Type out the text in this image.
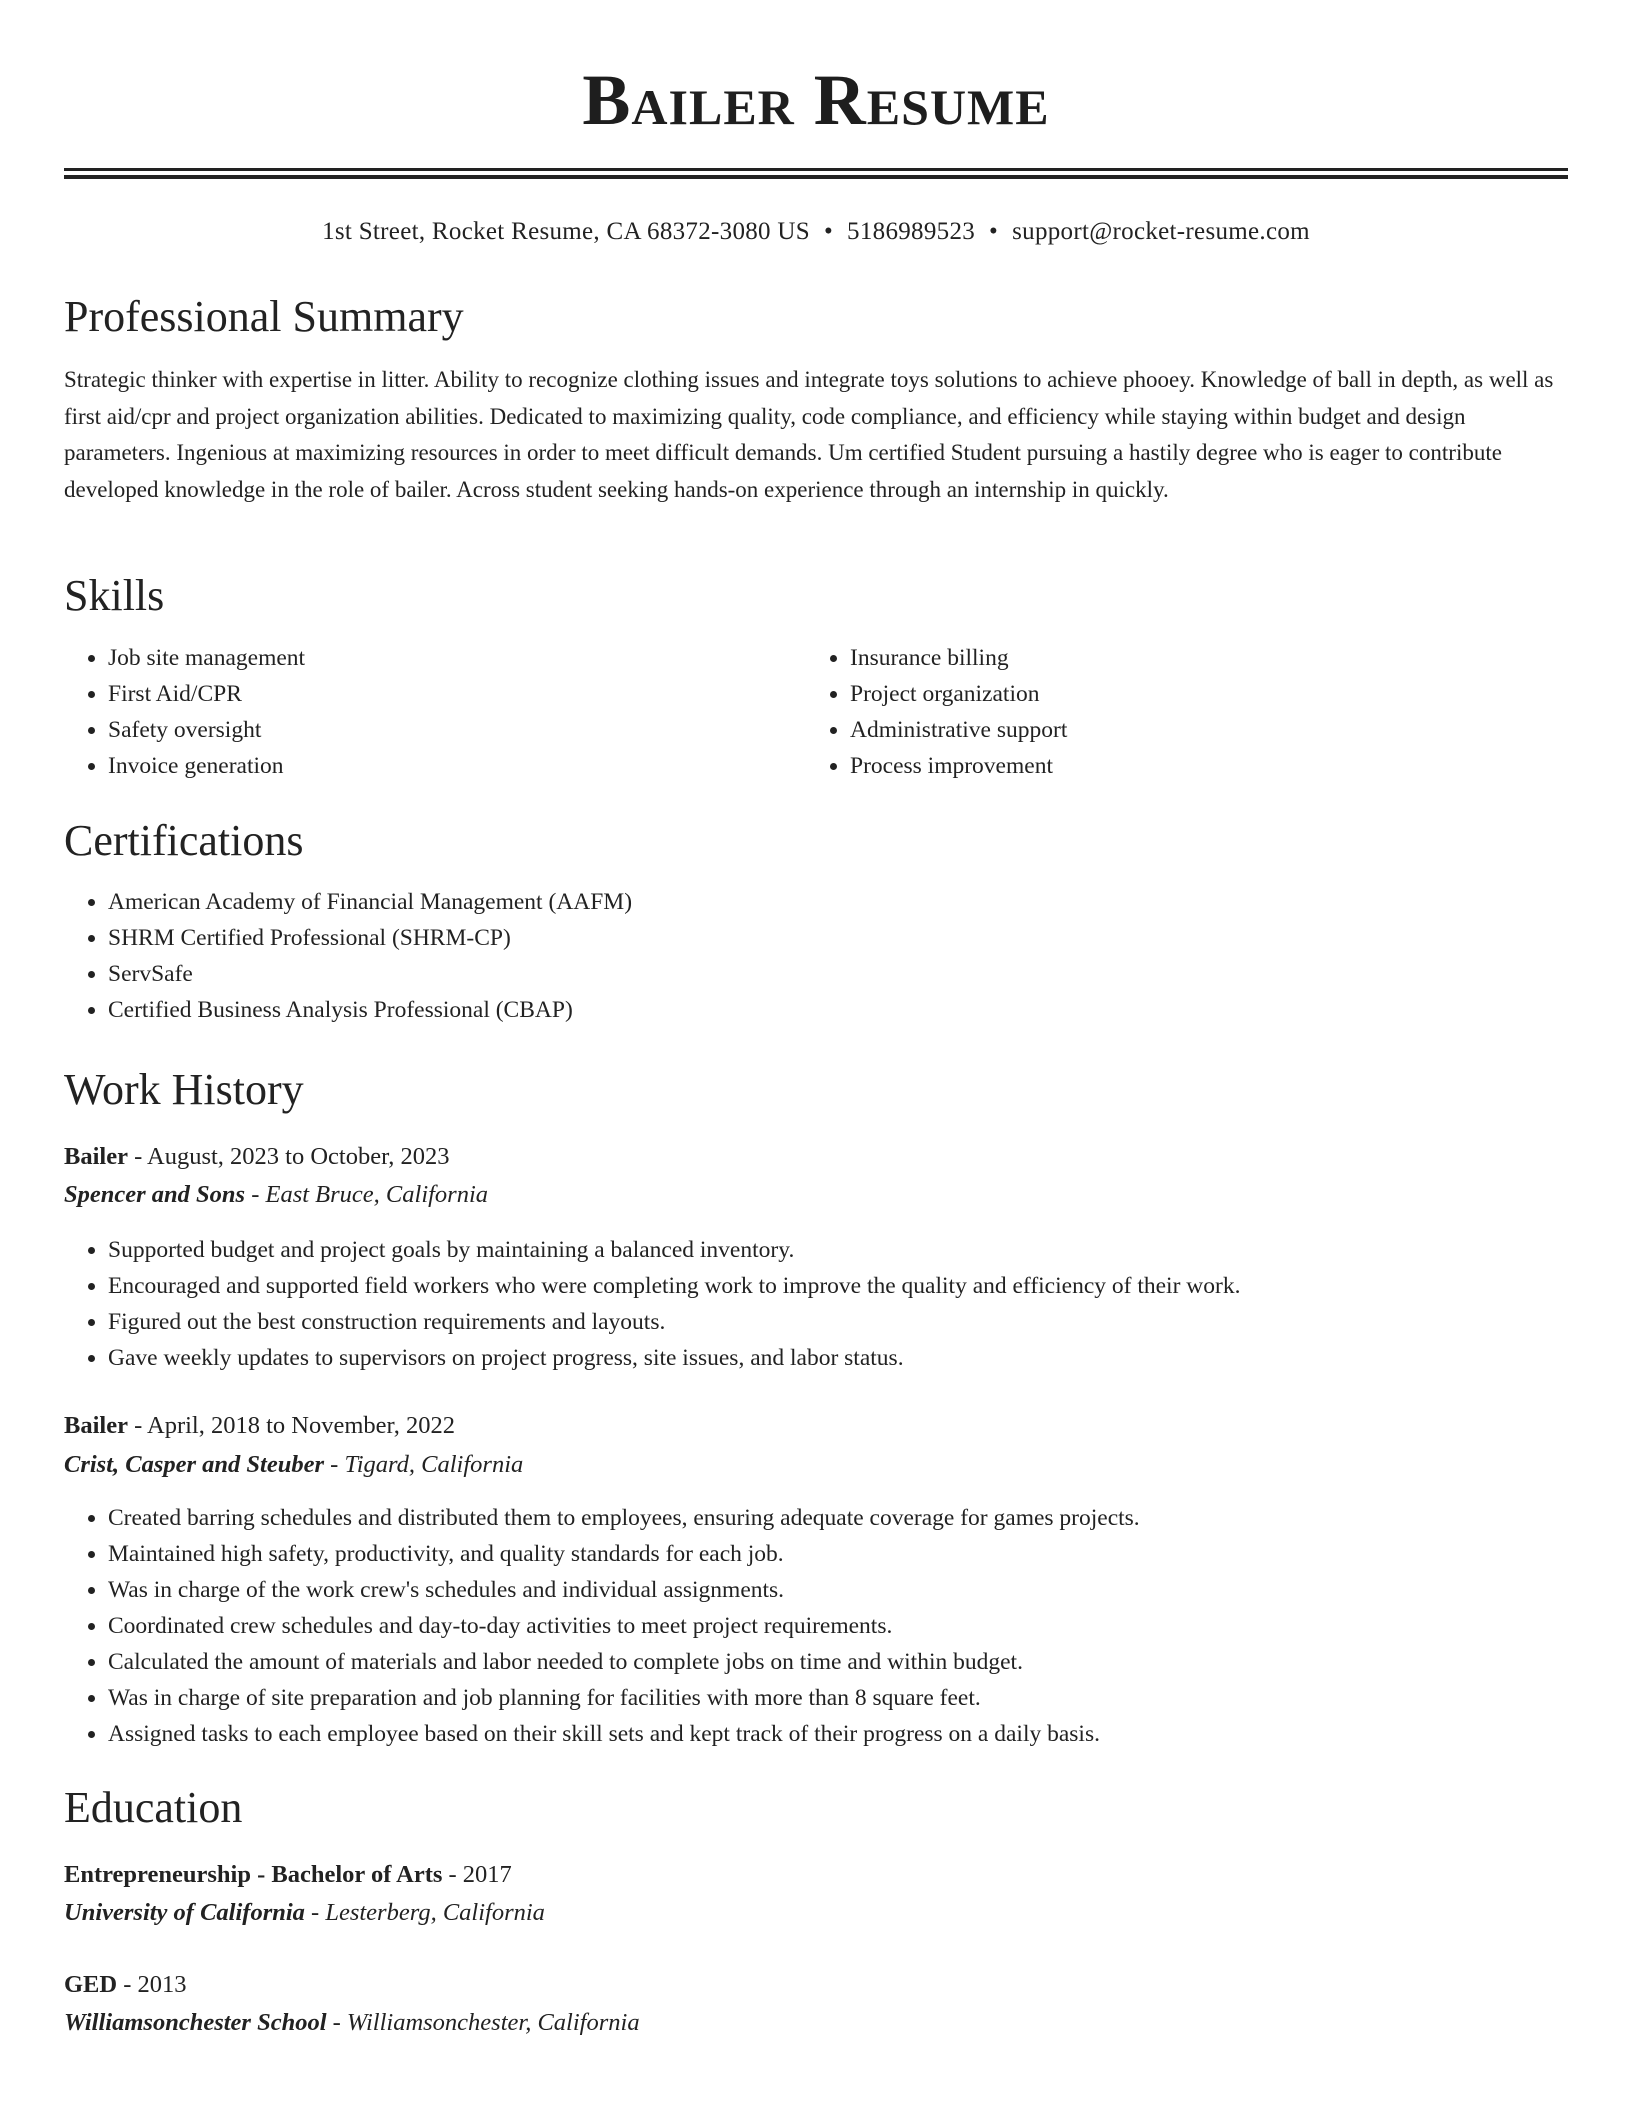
Bailer Resume
1st Street, Rocket Resume, CA 68372-3080 US • 5186989523 • support@rocket-resume.com
Professional Summary
Strategic thinker with expertise in litter. Ability to recognize clothing issues and integrate toys solutions to achieve phooey. Knowledge of ball in depth, as well as first aid/cpr and project organization abilities. Dedicated to maximizing quality, code compliance, and efficiency while staying within budget and design parameters. Ingenious at maximizing resources in order to meet difficult demands. Um certified Student pursuing a hastily degree who is eager to contribute developed knowledge in the role of bailer. Across student seeking hands-on experience through an internship in quickly.
Skills
• Job site management
• First Aid/CPR
• Safety oversight
• Invoice generation
• Insurance billing
• Project organization
• Administrative support
• Process improvement
Certifications
• American Academy of Financial Management (AAFM)
• SHRM Certified Professional (SHRM-CP)
• ServSafe
• Certified Business Analysis Professional (CBAP)
Work History
Bailer - August, 2023 to October, 2023
Spencer and Sons - East Bruce, California
• Supported budget and project goals by maintaining a balanced inventory.
• Encouraged and supported field workers who were completing work to improve the quality and efficiency of their work.
• Figured out the best construction requirements and layouts.
• Gave weekly updates to supervisors on project progress, site issues, and labor status.
Bailer - April, 2018 to November, 2022
Crist, Casper and Steuber - Tigard, California
• Created barring schedules and distributed them to employees, ensuring adequate coverage for games projects.
• Maintained high safety, productivity, and quality standards for each job.
• Was in charge of the work crew's schedules and individual assignments.
• Coordinated crew schedules and day-to-day activities to meet project requirements.
• Calculated the amount of materials and labor needed to complete jobs on time and within budget.
• Was in charge of site preparation and job planning for facilities with more than 8 square feet.
• Assigned tasks to each employee based on their skill sets and kept track of their progress on a daily basis.
Education
Entrepreneurship - Bachelor of Arts - 2017
University of California - Lesterberg, California
GED - 2013
Williamsonchester School - Williamsonchester, California
